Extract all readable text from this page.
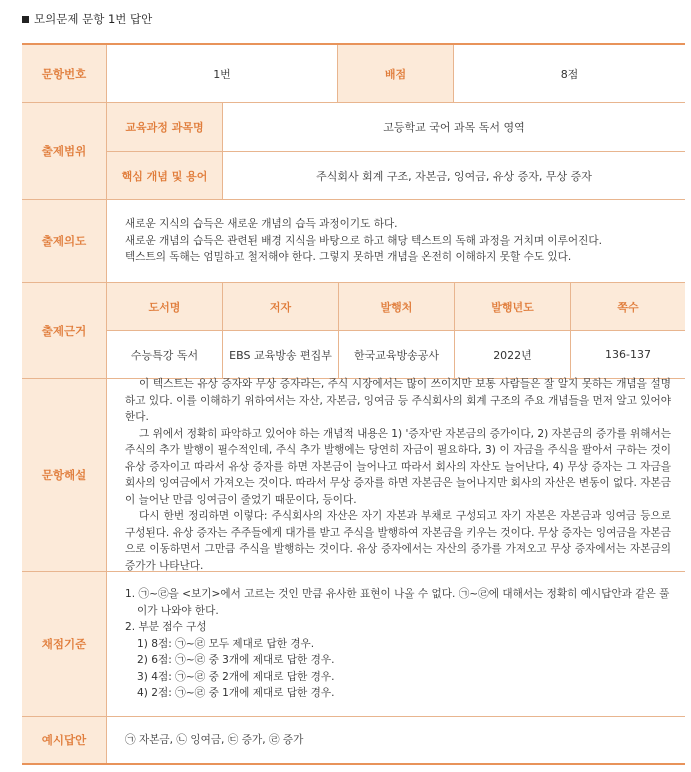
모의문제 문항 1번 답안
문항번호	1번	배점	8점
출제범위
교육과정 과목명	고등학교 국어 과목 독서 영역
핵심 개념 및 용어	주식회사 회계 구조, 자본금, 잉여금, 유상 증자, 무상 증자
출제의도

새로운 지식의 습득은 새로운 개념의 습득 과정이기도 하다.

새로운 개념의 습득은 관련된 배경 지식을 바탕으로 하고 해당 텍스트의 독해 과정을 거치며 이루어진다.

텍스트의 독해는 엄밀하고 철저해야 한다. 그렇지 못하면 개념을 온전히 이해하지 못할 수도 있다.

출제근거
도서명	저자	발행처	발행년도	쪽수
수능특강 독서	EBS 교육방송 편집부	한국교육방송공사	2022년	136-137
문항해설

이 텍스트는 유상 증자와 무상 증자라는, 주식 시장에서는 많이 쓰이지만 보통 사람들은 잘 알지 못하는 개념을 설명하고 있다. 이를 이해하기 위하여서는 자산, 자본금, 잉여금 등 주식회사의 회계 구조의 주요 개념들을 먼저 알고 있어야 한다.

그 위에서 정확히 파악하고 있어야 하는 개념적 내용은 1) '증자'란 자본금의 증가이다, 2) 자본금의 증가를 위해서는 주식의 추가 발행이 필수적인데, 주식 추가 발행에는 당연히 자금이 필요하다, 3) 이 자금을 주식을 팔아서 구하는 것이 유상 증자이고 따라서 유상 증자를 하면 자본금이 늘어나고 따라서 회사의 자산도 늘어난다, 4) 무상 증자는 그 자금을 회사의 잉여금에서 가져오는 것이다. 따라서 무상 증자를 하면 자본금은 늘어나지만 회사의 자산은 변동이 없다. 자본금이 늘어난 만큼 잉여금이 줄었기 때문이다, 등이다.

다시 한번 정리하면 이렇다: 주식회사의 자산은 자기 자본과 부채로 구성되고 자기 자본은 자본금과 잉여금 등으로 구성된다. 유상 증자는 주주들에게 대가를 받고 주식을 발행하여 자본금을 키우는 것이다. 무상 증자는 잉여금을 자본금으로 이동하면서 그만큼 주식을 발행하는 것이다. 유상 증자에서는 자산의 증가를 가져오고 무상 증자에서는 자본금의 증가가 나타난다.

채점기준

1. ㉠~㉣을 <보기>에서 고르는 것인 만큼 유사한 표현이 나올 수 없다. ㉠~㉣에 대해서는 정확히 예시답안과 같은 풀이가 나와야 한다.

2. 부분 점수 구성

1) 8점: ㉠~㉣ 모두 제대로 답한 경우.

2) 6점: ㉠~㉣ 중 3개에 제대로 답한 경우.

3) 4점: ㉠~㉣ 중 2개에 제대로 답한 경우.

4) 2점: ㉠~㉣ 중 1개에 제대로 답한 경우.

예시답안	㉠ 자본금, ㉡ 잉여금, ㉢ 증가, ㉣ 증가
